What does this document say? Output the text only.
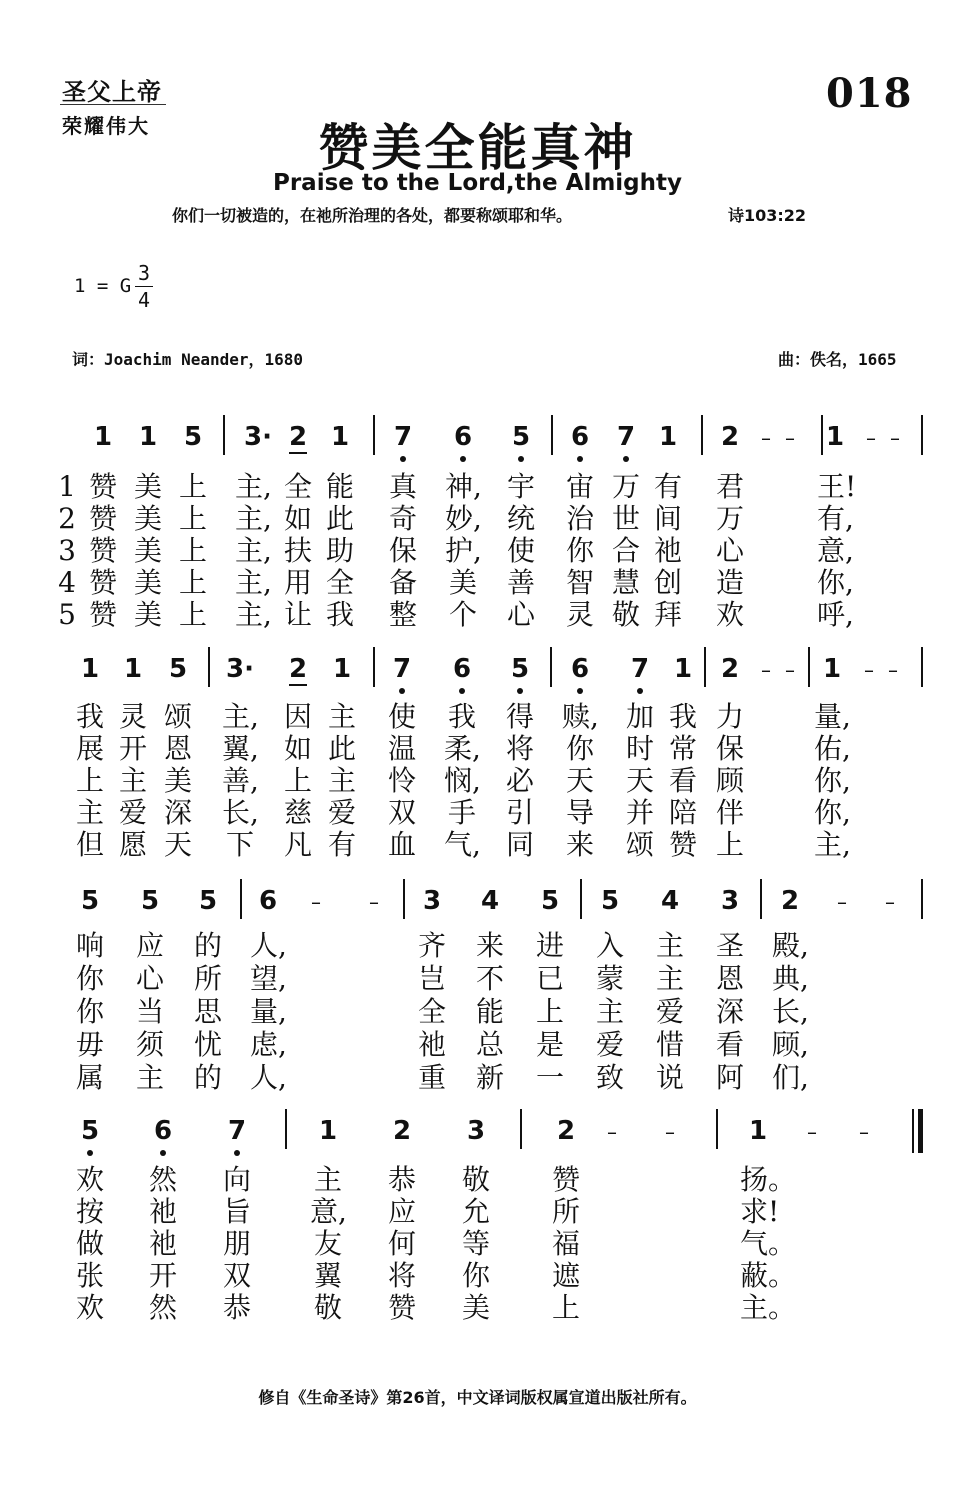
圣父上帝
荣耀伟大
018
赞美全能真神
Praise to the Lord,the Almighty
你们一切被造的，在祂所治理的各处，都要称颂耶和华。	诗103:22
1 = G
3
4
词：Joachim Neander，1680	曲：佚名，1665
1 1 5 3· 2 1 7 6 5 6 7 1 2	– –	1	– –
1 赞 美 上 主, 全 能 真 神, 宇 宙 万 有 君	王!
2 赞 美 上 主, 如 此 奇 妙, 统 治 世 间 万	有,
3 赞 美 上 主, 扶 助 保 护, 使 你 合 祂 心	意,
4 赞 美 上 主, 用 全 备 美 善 智 慧 创 造	你,
5 赞 美 上 主, 让 我 整 个 心 灵 敬 拜 欢	呼,
1 1 5 3· 2 1 7 6 5 6 7 1 2	– –	1	– –
我 灵 颂 主, 因 主 使 我 得 赎, 加 我 力	量,
展 开 恩 翼, 如 此 温 柔, 将 你 时 常 保	佑,
上 主 美 善, 上 主 怜 悯, 必 天 天 看 顾	你,
主 爱 深 长, 慈 爱 双 手 引 导 并 陪 伴	你,
但 愿 天 下 凡 有 血 气, 同 来 颂 赞 上	主,
5 5 5 6	–	–	3 4 5 5 4 3 2	–	–
响 应 的 人,	齐 来 进 入 主 圣 殿,
你 心 所 望,	岂 不 已 蒙 主 恩 典,
你 当 思 量,	全 能 上 主 爱 深 长,
毋 须 忧 虑,	祂 总 是 爱 惜 看 顾,
属 主 的 人,	重 新 一 致 说 阿 们,
5 6 7	1 2 3	2	–	–	1	–	–
欢 然 向 主 恭 敬 赞	扬。
按 祂 旨 意, 应 允 所	求!
做 祂 朋 友 何 等 福	气。
张 开 双 翼 将 你 遮	蔽。
欢 然 恭 敬 赞 美 上	主。
修自《生命圣诗》第26首，中文译词版权属宣道出版社所有。
